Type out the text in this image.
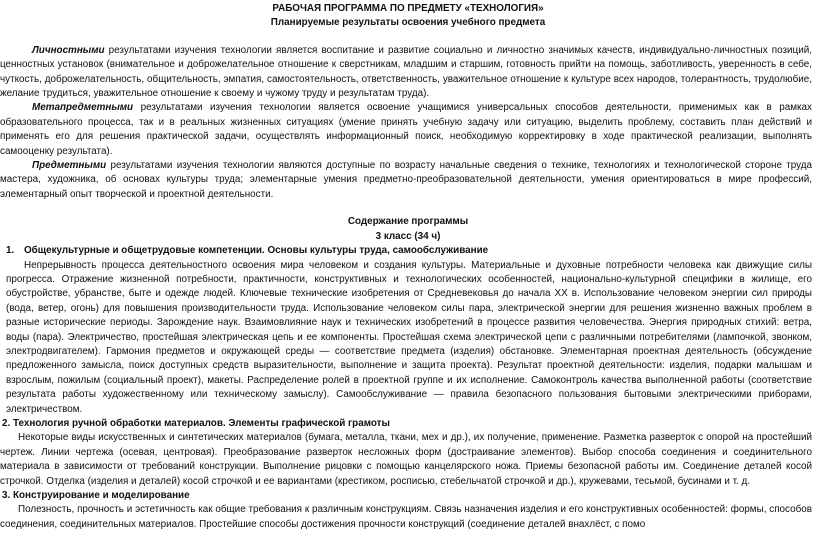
РАБОЧАЯ ПРОГРАММА ПО ПРЕДМЕТУ «ТЕХНОЛОГИЯ»
Планируемые результаты освоения учебного предмета

Личностными результатами изучения технологии является воспитание и развитие социально и личностно значимых качеств, индивидуально-личностных позиций, ценностных установок (внимательное и доброжелательное отношение к сверстникам, младшим и старшим, готовность прийти на помощь, заботливость, уверенность в себе, чуткость, доброжелательность, общительность, эмпатия, самостоятельность, ответственность, уважительное отношение к культуре всех народов, толерантность, трудолюбие, желание трудиться, уважительное отношение к своему и чужому труду и результатам труда).

Метапредметными результатами изучения технологии является освоение учащимися универсальных способов деятельности, применимых как в рамках образовательного процесса, так и в реальных жизненных ситуациях (умение принять учебную задачу или ситуацию, выделить проблему, составить план действий и применять его для решения практической задачи, осуществлять информационный поиск, необходимую корректировку в ходе практической реализации, выполнять самооценку результата).

Предметными результатами изучения технологии являются доступные по возрасту начальные сведения о технике, технологиях и технологической стороне труда мастера, художника, об основах культуры труда; элементарные умения предметно-преобразовательной деятельности, умения ориентироваться в мире профессий, элементарный опыт творческой и проектной деятельности.

Содержание программы
3 класс (34 ч)

1. Общекультурные и общетрудовые компетенции. Основы культуры труда, самообслуживание

Непрерывность процесса деятельностного освоения мира человеком и создания культуры. Материальные и духовные потребности человека как движущие силы прогресса. Отражение жизненной потребности, практичности, конструктивных и технологических особенностей, национально-культурной специфики в жилище, его обустройстве, убранстве, быте и одежде людей. Ключевые технические изобретения от Средневековья до начала XX в. Использование человеком энергии сил природы (вода, ветер, огонь) для повышения производительности труда. Использование человеком силы пара, электрической энергии для решения жизненно важных проблем в разные исторические периоды. Зарождение наук. Взаимовлияние наук и технических изобретений в процессе развития человечества. Энергия природных стихий: ветра, воды (пара). Электричество, простейшая электрическая цепь и ее компоненты. Простейшая схема электрической цепи с различными потребителями (лампочкой, звонком, электродвигателем). Гармония предметов и окружающей среды — соответствие предмета (изделия) обстановке. Элементарная проектная деятельность (обсуждение предложенного замысла, поиск доступных средств выразительности, выполнение и защита проекта). Результат проектной деятельности: изделия, подарки малышам и взрослым, пожилым (социальный проект), макеты. Распределение ролей в проектной группе и их исполнение. Самоконтроль качества выполненной работы (соответствие результата работы художественному или техническому замыслу). Самообслуживание — правила безопасного пользования бытовыми электрическими приборами, электричеством.

2. Технология ручной обработки материалов. Элементы графической грамоты

Некоторые виды искусственных и синтетических материалов (бумага, металла, ткани, мех и др.), их получение, применение. Разметка разверток с опорой на простейший чертеж. Линии чертежа (осевая, центровая). Преобразование разверток несложных форм (достраивание элементов). Выбор способа соединения и соединительного материала в зависимости от требований конструкции. Выполнение рицовки с помощью канцелярского ножа. Приемы безопасной работы им. Соединение деталей косой строчкой. Отделка (изделия и деталей) косой строчкой и ее вариантами (крестиком, росписью, стебельчатой строчкой и др.), кружевами, тесьмой, бусинами и т. д.

3. Конструирование и моделирование

Полезность, прочность и эстетичность как общие требования к различным конструкциям. Связь назначения изделия и его конструктивных особенностей: формы, способов соединения, соединительных материалов. Простейшие способы достижения прочности конструкций (соединение деталей внахлёст, с помо
